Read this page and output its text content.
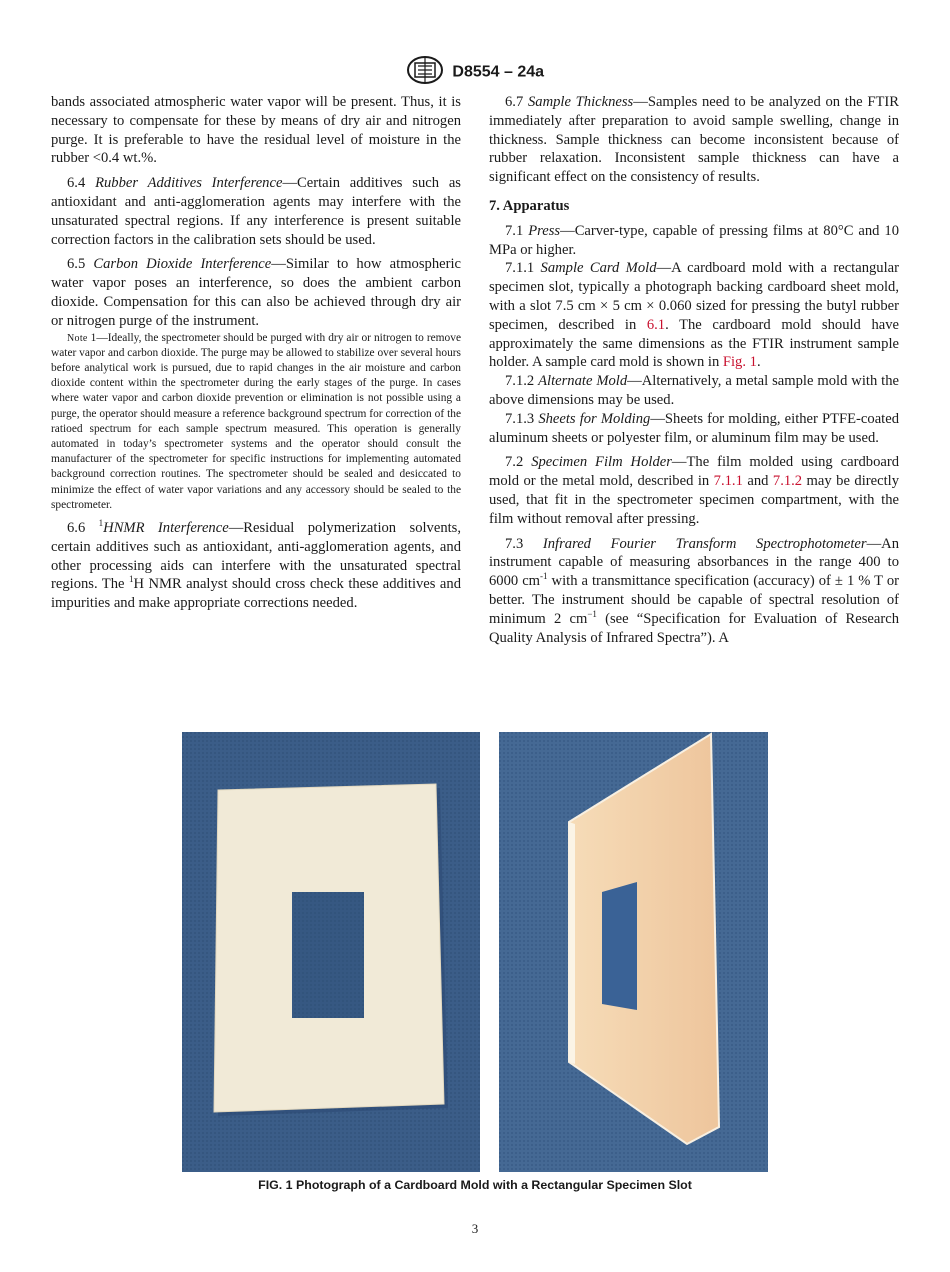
D8554 – 24a

bands associated atmospheric water vapor will be present. Thus, it is necessary to compensate for these by means of dry air and nitrogen purge. It is preferable to have the residual level of moisture in the rubber <0.4 wt.%.

6.4 Rubber Additives Interference—Certain additives such as antioxidant and anti-agglomeration agents may interfere with the unsaturated spectral regions. If any interference is present suitable correction factors in the calibration sets should be used.

6.5 Carbon Dioxide Interference—Similar to how atmospheric water vapor poses an interference, so does the ambient carbon dioxide. Compensation for this can also be achieved through dry air or nitrogen purge of the instrument.

Note 1—Ideally, the spectrometer should be purged with dry air or nitrogen to remove water vapor and carbon dioxide. The purge may be allowed to stabilize over several hours before analytical work is pursued, due to rapid changes in the air moisture and carbon dioxide content within the spectrometer during the early stages of the purge. In cases where water vapor and carbon dioxide prevention or elimination is not possible using a purge, the operator should measure a reference background spectrum for correction of the ratioed spectrum for each sample spectrum measured. This operation is generally automated in today’s spectrometer systems and the operator should consult the manufacturer of the spectrometer for specific instructions for implementing automated background correction routines. The spectrometer should be sealed and desiccated to minimize the effect of water vapor variations and any accessory should be sealed to the spectrometer.

6.6 $^1$HNMR Interference—Residual polymerization solvents, certain additives such as antioxidant, anti-agglomeration agents, and other processing aids can interfere with the unsaturated spectral regions. The $^1$H NMR analyst should cross check these additives and impurities and make appropriate corrections needed.

6.7 Sample Thickness—Samples need to be analyzed on the FTIR immediately after preparation to avoid sample swelling, change in thickness. Sample thickness can become inconsistent because of rubber relaxation. Inconsistent sample thickness can have a significant effect on the consistency of results.

7. Apparatus

7.1 Press—Carver-type, capable of pressing films at 80°C and 10 MPa or higher.

7.1.1 Sample Card Mold—A cardboard mold with a rectangular specimen slot, typically a photograph backing cardboard sheet mold, with a slot 7.5 cm × 5 cm × 0.060 sized for pressing the butyl rubber specimen, described in 6.1. The cardboard mold should have approximately the same dimensions as the FTIR instrument sample holder. A sample card mold is shown in Fig. 1.

7.1.2 Alternate Mold—Alternatively, a metal sample mold with the above dimensions may be used.

7.1.3 Sheets for Molding—Sheets for molding, either PTFE-coated aluminum sheets or polyester film, or aluminum film may be used.

7.2 Specimen Film Holder—The film molded using cardboard mold or the metal mold, described in 7.1.1 and 7.1.2 may be directly used, that fit in the spectrometer specimen compartment, with the film without removal after pressing.

7.3 Infrared Fourier Transform Spectrophotometer—An instrument capable of measuring absorbances in the range 400 to 6000 $cm^{-1}$ with a transmittance specification (accuracy) of ± 1 % T or better. The instrument should be capable of spectral resolution of minimum 2 $cm^{-1}$ (see “Specification for Evaluation of Research Quality Analysis of Infrared Spectra”). A

FIG. 1 Photograph of a Cardboard Mold with a Rectangular Specimen Slot
3
